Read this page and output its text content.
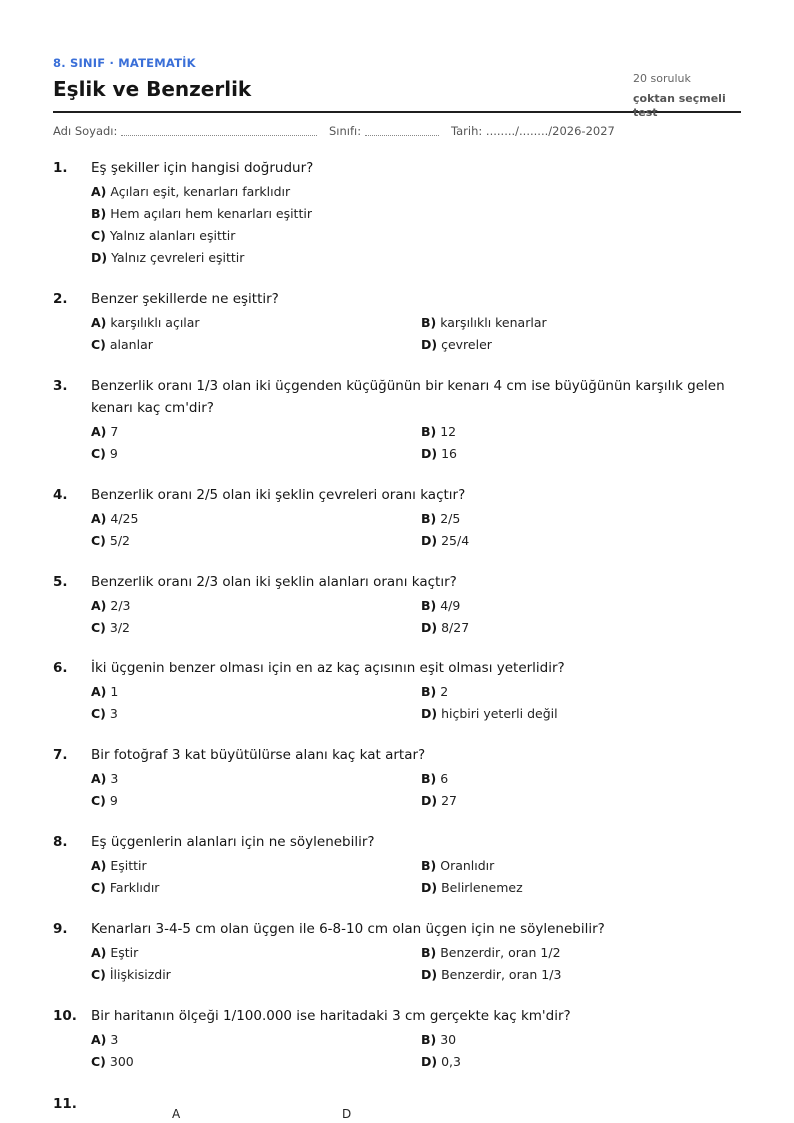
8. SINIF · MATEMATİK
Eşlik ve Benzerlik	20 soruluk
çoktan seçmeli test
Adı Soyadı:	Sınıfı:	Tarih: ......../......../2026-2027
1. Eş şekiller için hangisi doğrudur?
A) Açıları eşit, kenarları farklıdır
B) Hem açıları hem kenarları eşittir
C) Yalnız alanları eşittir
D) Yalnız çevreleri eşittir
2. Benzer şekillerde ne eşittir?
A) karşılıklı açılar	B) karşılıklı kenarlar
C) alanlar	D) çevreler
3. Benzerlik oranı 1/3 olan iki üçgenden küçüğünün bir kenarı 4 cm ise büyüğünün karşılık gelen kenarı kaç cm'dir?
A) 7	B) 12
C) 9	D) 16
4. Benzerlik oranı 2/5 olan iki şeklin çevreleri oranı kaçtır?
A) 4/25	B) 2/5
C) 5/2	D) 25/4
5. Benzerlik oranı 2/3 olan iki şeklin alanları oranı kaçtır?
A) 2/3	B) 4/9
C) 3/2	D) 8/27
6. İki üçgenin benzer olması için en az kaç açısının eşit olması yeterlidir?
A) 1	B) 2
C) 3	D) hiçbiri yeterli değil
7. Bir fotoğraf 3 kat büyütülürse alanı kaç kat artar?
A) 3	B) 6
C) 9	D) 27
8. Eş üçgenlerin alanları için ne söylenebilir?
A) Eşittir	B) Oranlıdır
C) Farklıdır	D) Belirlenemez
9. Kenarları 3-4-5 cm olan üçgen ile 6-8-10 cm olan üçgen için ne söylenebilir?
A) Eştir	B) Benzerdir, oran 1/2
C) İlişkisizdir	D) Benzerdir, oran 1/3
10. Bir haritanın ölçeği 1/100.000 ise haritadaki 3 cm gerçekte kaç km'dir?
A) 3	B) 30
C) 300	D) 0,3
11.
A	D
